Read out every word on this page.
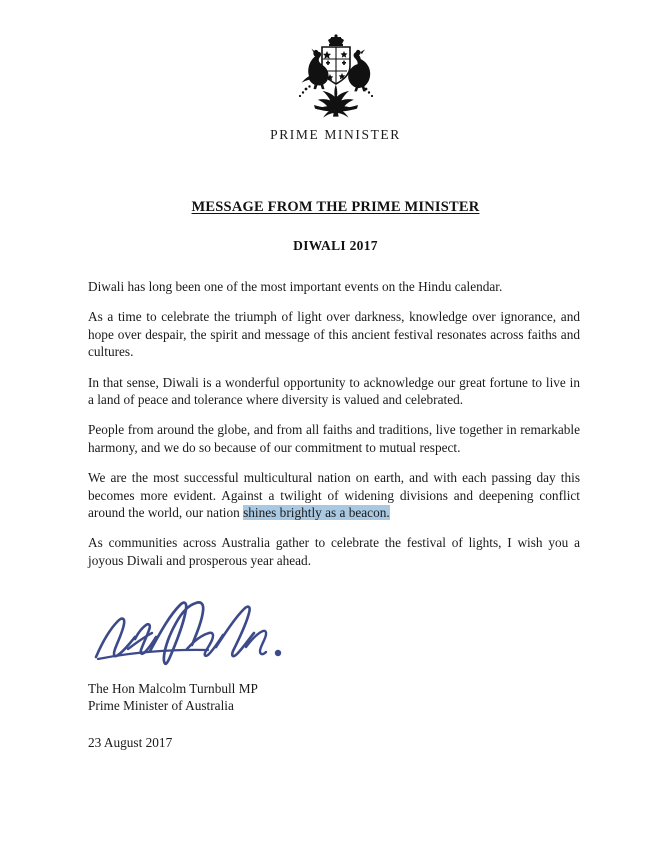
PRIME MINISTER
MESSAGE FROM THE PRIME MINISTER
DIWALI 2017

Diwali has long been one of the most important events on the Hindu calendar.

As a time to celebrate the triumph of light over darkness, knowledge over ignorance, and hope over despair, the spirit and message of this ancient festival resonates across faiths and cultures.

In that sense, Diwali is a wonderful opportunity to acknowledge our great fortune to live in a land of peace and tolerance where diversity is valued and celebrated.

People from around the globe, and from all faiths and traditions, live together in remarkable harmony, and we do so because of our commitment to mutual respect.

We are the most successful multicultural nation on earth, and with each passing day this becomes more evident. Against a twilight of widening divisions and deepening conflict around the world, our nation shines brightly as a beacon.

As communities across Australia gather to celebrate the festival of lights, I wish you a joyous Diwali and prosperous year ahead.

The Hon Malcolm Turnbull MP
Prime Minister of Australia
23 August 2017
